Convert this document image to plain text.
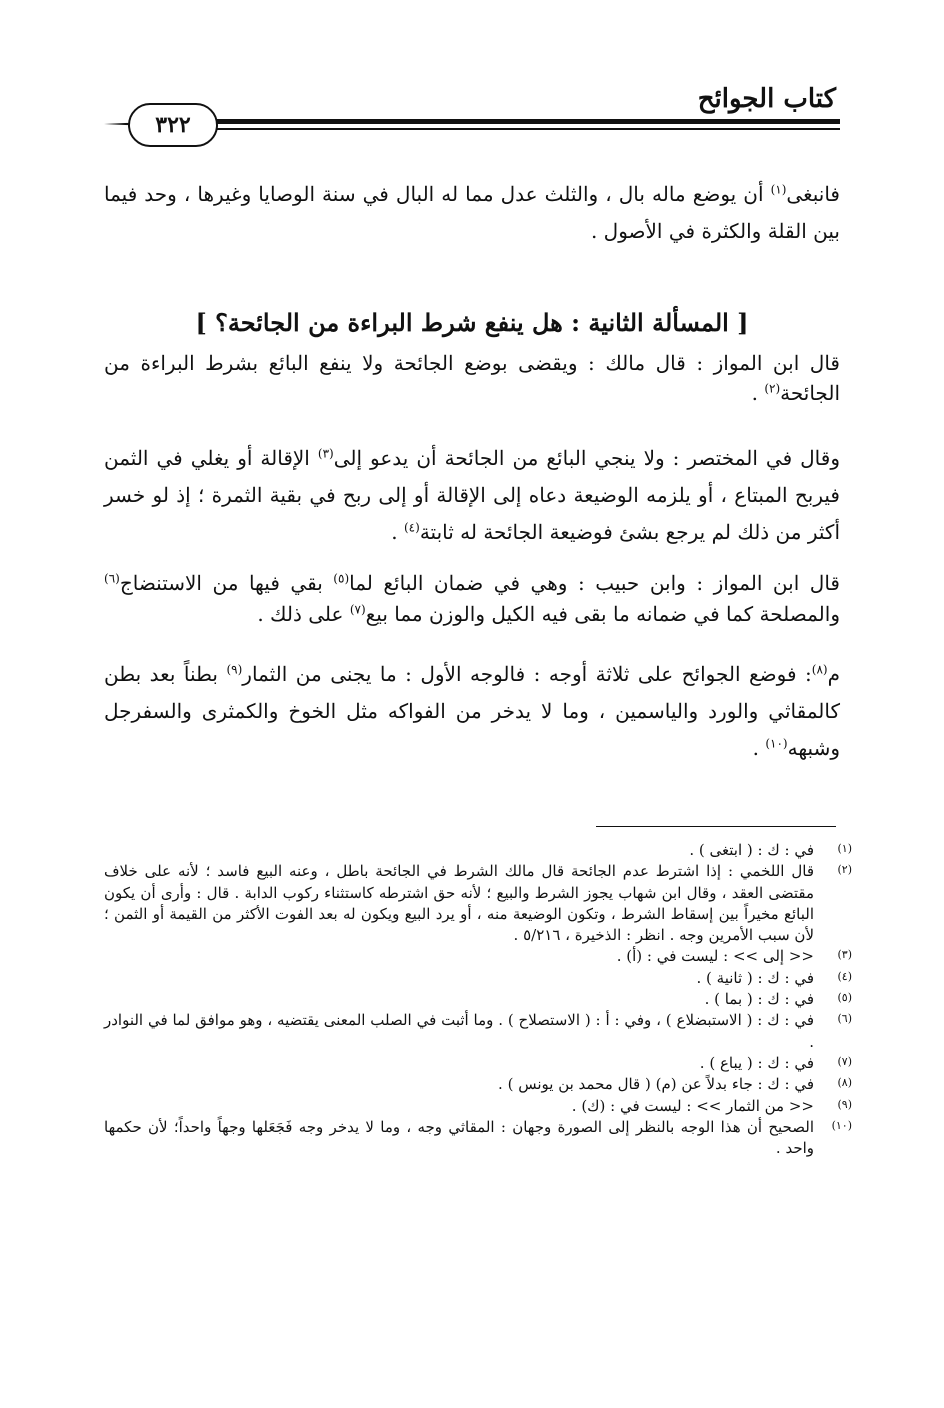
كتاب الجوائح
٣٢٢
فانبغى$^{(١)}$ أن يوضع ماله بال ، والثلث عدل مما له البال في سنة الوصايا وغيرها ، وحد فيما بين القلة والكثرة في الأصول .
[ المسألة الثانية : هل ينفع شرط البراءة من الجائحة؟ ]
قال ابن المواز : قال مالك : ويقضى بوضع الجائحة ولا ينفع البائع بشرط البراءة من الجائحة$^{(٢)}$ .
وقال في المختصر : ولا ينجي البائع من الجائحة أن يدعو إلى$^{(٣)}$ الإقالة أو يغلي في الثمن فيربح المبتاع ، أو يلزمه الوضيعة دعاه إلى الإقالة أو إلى ربح في بقية الثمرة ؛ إذ لو خسر أكثر من ذلك لم يرجع بشئ فوضيعة الجائحة له ثابتة$^{(٤)}$ .
قال ابن المواز : وابن حبيب : وهي في ضمان البائع لما$^{(٥)}$ بقي فيها من الاستنضاج$^{(٦)}$ والمصلحة كما في ضمانه ما بقى فيه الكيل والوزن مما بيع$^{(٧)}$ على ذلك .
م$^{(٨)}$: فوضع الجوائح على ثلاثة أوجه : فالوجه الأول : ما يجنى من الثمار$^{(٩)}$ بطناً بعد بطن كالمقاثي والورد والياسمين ، وما لا يدخر من الفواكه مثل الخوخ والكمثرى والسفرجل وشبهه$^{(١٠)}$ .
(١)
في : ك : ( ابتغى ) .
(٢)
قال اللخمي : إذا اشترط عدم الجائحة قال مالك الشرط في الجائحة باطل ، وعنه البيع فاسد ؛ لأنه على خلاف مقتضى العقد ، وقال ابن شهاب يجوز الشرط والبيع ؛ لأنه حق اشترطه كاستثناء ركوب الدابة . قال : وأرى أن يكون البائع مخيراً بين إسقاط الشرط ، وتكون الوضيعة منه ، أو يرد البيع ويكون له بعد الفوت الأكثر من القيمة أو الثمن ؛ لأن سبب الأمرين وجه . انظر : الذخيرة ، ٥/٢١٦ .
(٣)
<< إلى >> : ليست في : (أ) .
(٤)
في : ك : ( ثانية ) .
(٥)
في : ك : ( بما ) .
(٦)
في : ك : ( الاستبضلاع ) ، وفي : أ : ( الاستصلاح ) . وما أثبت في الصلب المعنى يقتضيه ، وهو موافق لما في النوادر .
(٧)
في : ك : ( يباع ) .
(٨)
في : ك : جاء بدلاً عن (م) ( قال محمد بن يونس ) .
(٩)
<< من الثمار >> : ليست في : (ك) .
(١٠)
الصحيح أن هذا الوجه بالنظر إلى الصورة وجهان : المقاثي وجه ، وما لا يدخر وجه فَجَعَلها وجهاً واحداً؛ لأن حكمها واحد .
